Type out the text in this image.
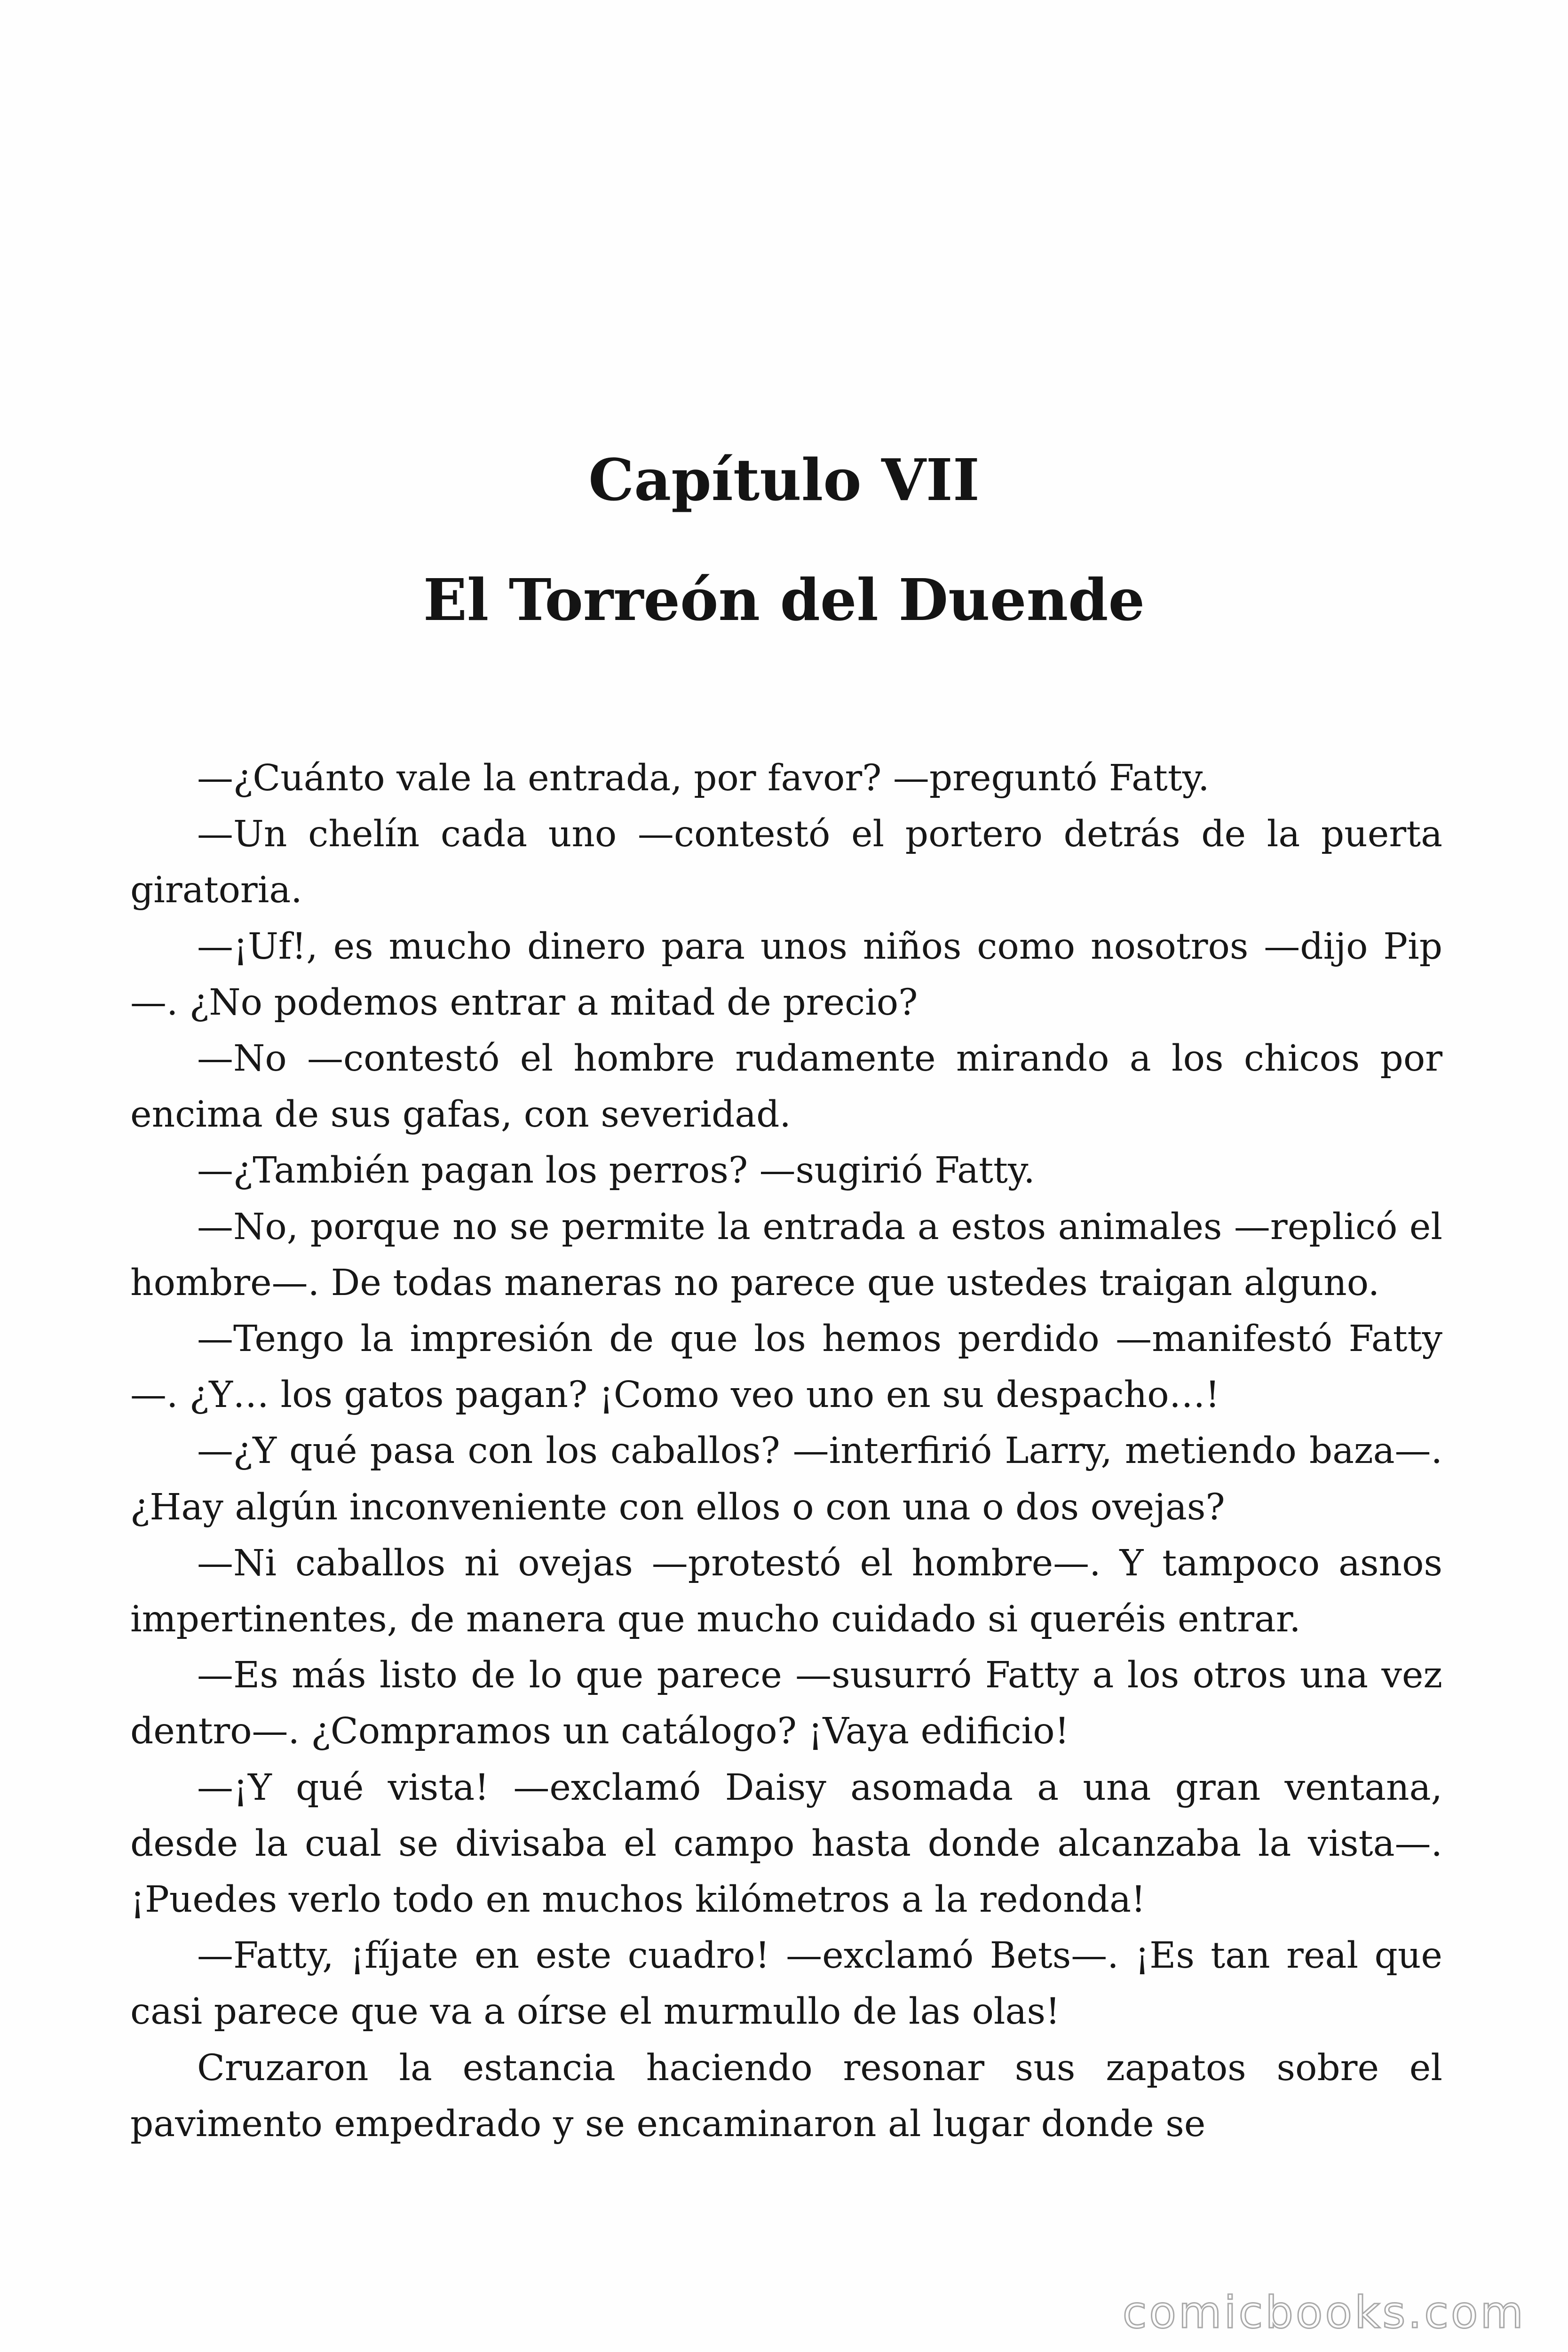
Capítulo VII
El Torreón del Duende

—¿Cuánto vale la entrada, por favor? —preguntó Fatty.

—Un chelín cada uno —contestó el portero detrás de la puerta giratoria.

—¡Uf!, es mucho dinero para unos niños como nosotros —dijo Pip—. ¿No podemos entrar a mitad de precio?

—No —contestó el hombre rudamente mirando a los chicos por encima de sus gafas, con severidad.

—¿También pagan los perros? —sugirió Fatty.

—No, porque no se permite la entrada a estos animales —replicó el hombre—. De todas maneras no parece que ustedes traigan alguno.

—Tengo la impresión de que los hemos perdido —manifestó Fatty—. ¿Y… los gatos pagan? ¡Como veo uno en su despacho…!

—¿Y qué pasa con los caballos? —interfirió Larry, metiendo baza—. ¿Hay algún inconveniente con ellos o con una o dos ovejas?

—Ni caballos ni ovejas —protestó el hombre—. Y tampoco asnos impertinentes, de manera que mucho cuidado si queréis entrar.

—Es más listo de lo que parece —susurró Fatty a los otros una vez dentro—. ¿Compramos un catálogo? ¡Vaya edificio!

—¡Y qué vista! —exclamó Daisy asomada a una gran ventana, desde la cual se divisaba el campo hasta donde alcanzaba la vista—. ¡Puedes verlo todo en muchos kilómetros a la redonda!

—Fatty, ¡fíjate en este cuadro! —exclamó Bets—. ¡Es tan real que casi parece que va a oírse el murmullo de las olas!

Cruzaron la estancia haciendo resonar sus zapatos sobre el pavimento empedrado y se encaminaron al lugar donde se

comicbooks.com
